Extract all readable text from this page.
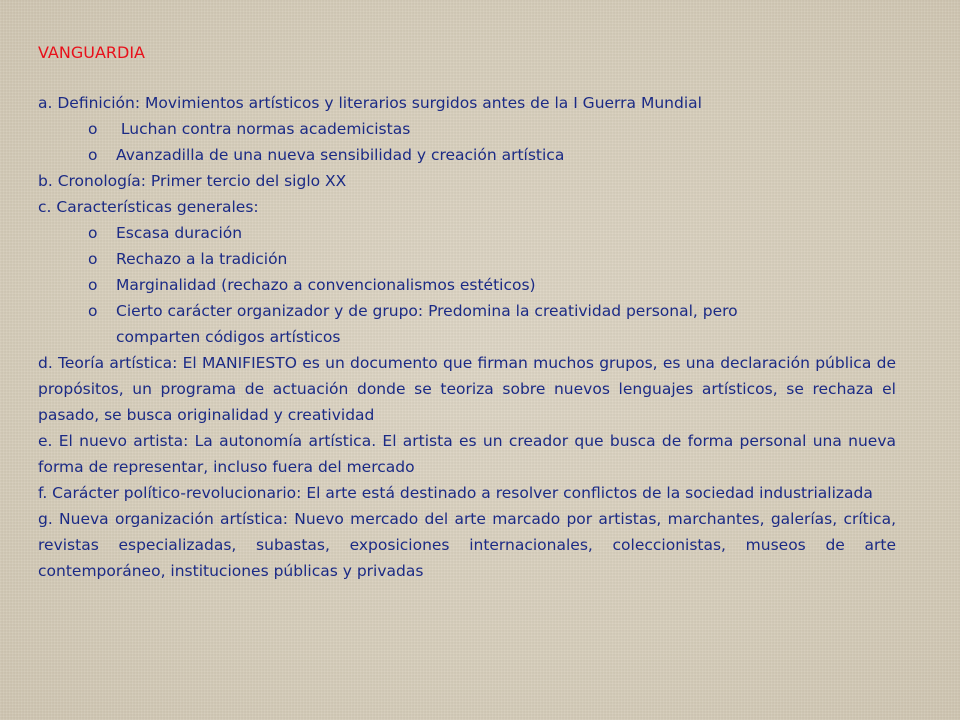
VANGUARDIA

a. Definición: Movimientos artísticos y literarios surgidos antes de la I Guerra Mundial

o	Luchan contra normas academicistas
o	Avanzadilla de una nueva sensibilidad y creación artística

b. Cronología: Primer tercio del siglo XX

c. Características generales:

o	Escasa duración
o	Rechazo a la tradición
o	Marginalidad (rechazo a convencionalismos estéticos)
o	Cierto carácter organizador y de grupo: Predomina la creatividad personal, pero
comparten códigos artísticos

d. Teoría artística: El MANIFIESTO es un documento que firman muchos grupos, es una declaración pública de propósitos, un programa de actuación donde se teoriza sobre nuevos lenguajes artísticos, se rechaza el pasado, se busca originalidad y creatividad

e. El nuevo artista: La autonomía artística. El artista es un creador que busca de forma personal una nueva forma de representar, incluso fuera del mercado

f. Carácter político-revolucionario: El arte está destinado a resolver conflictos de la sociedad industrializada

g. Nueva organización artística: Nuevo mercado del arte marcado por artistas, marchantes, galerías, crítica, revistas especializadas, subastas, exposiciones internacionales, coleccionistas, museos de arte contemporáneo, instituciones públicas y privadas
